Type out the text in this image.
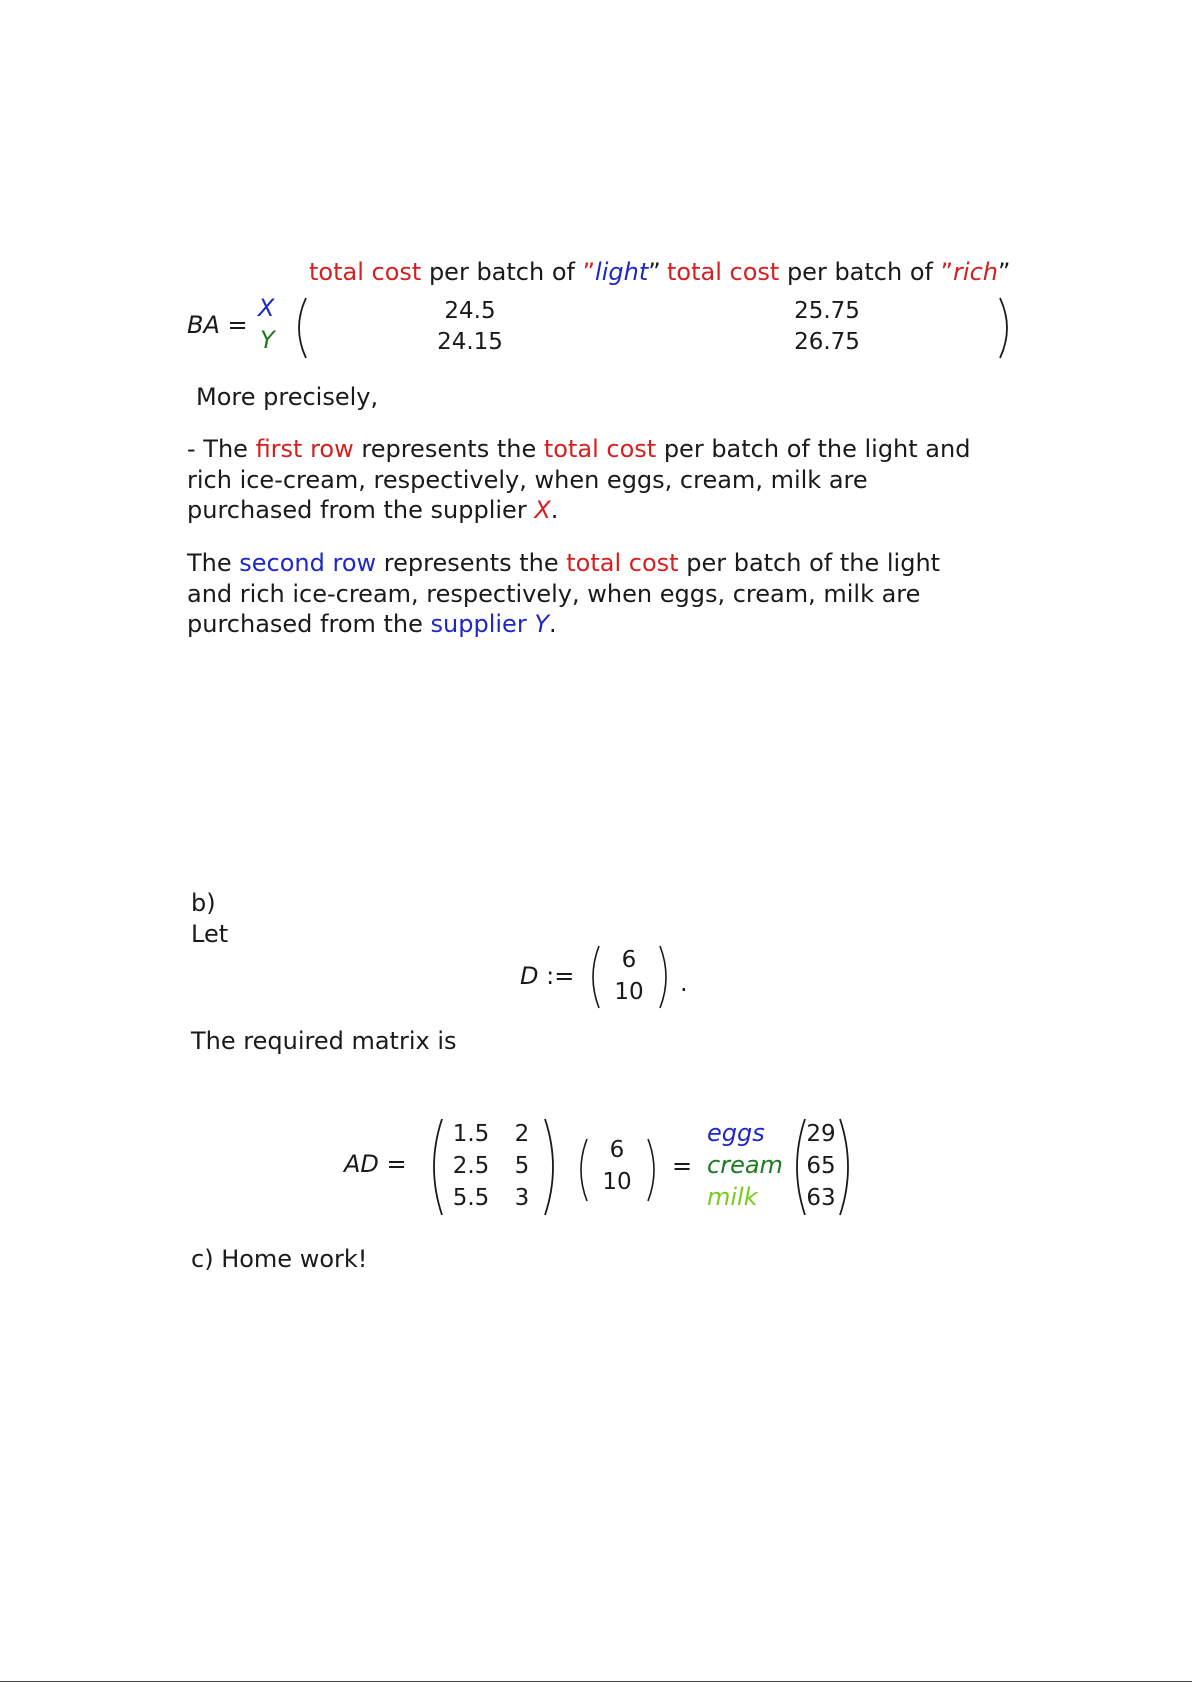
total cost per batch of ”light” total cost per batch of ”rich”
BA =
X
Y
24.5	25.75
24.15	26.75
More precisely,
- The first row represents the total cost per batch of the light and rich ice-cream, respectively, when eggs, cream, milk are purchased from the supplier X.
The second row represents the total cost per batch of the light and rich ice-cream, respectively, when eggs, cream, milk are purchased from the supplier Y.
b)
Let
D :=
6
10 .
The required matrix is
AD =
1.5 2
2.5 5
5.5 3
6
10
=
eggs
cream
milk
29
65
63
c) Home work!
